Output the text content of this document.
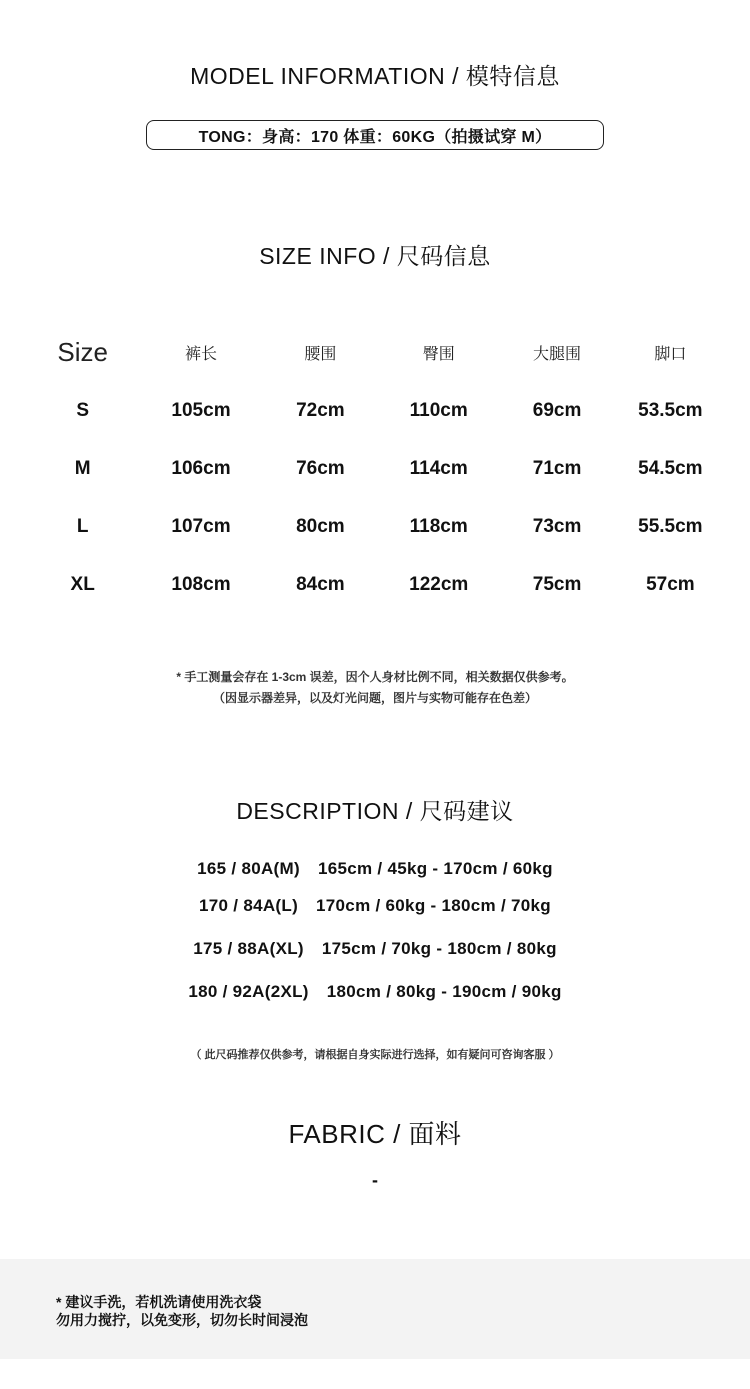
MODEL INFORMATION / 模特信息
TONG：身高：170 体重：60KG（拍摄试穿 M）
SIZE INFO / 尺码信息
Size	裤长	腰围	臀围	大腿围	脚口
S	105cm	72cm	110cm	69cm	53.5cm
M	106cm	76cm	114cm	71cm	54.5cm
L	107cm	80cm	118cm	73cm	55.5cm
XL	108cm	84cm	122cm	75cm	57cm
* 手工测量会存在 1-3cm 误差，因个人身材比例不同，相关数据仅供参考。
（因显示器差异，以及灯光问题，图片与实物可能存在色差）
DESCRIPTION / 尺码建议
165 / 80A(M) 165cm / 45kg - 170cm / 60kg
170 / 84A(L) 170cm / 60kg - 180cm / 70kg
175 / 88A(XL) 175cm / 70kg - 180cm / 80kg
180 / 92A(2XL) 180cm / 80kg - 190cm / 90kg
（ 此尺码推荐仅供参考，请根据自身实际进行选择，如有疑问可咨询客服 ）
FABRIC / 面料
-
* 建议手洗，若机洗请使用洗衣袋
勿用力搅拧，以免变形，切勿长时间浸泡
